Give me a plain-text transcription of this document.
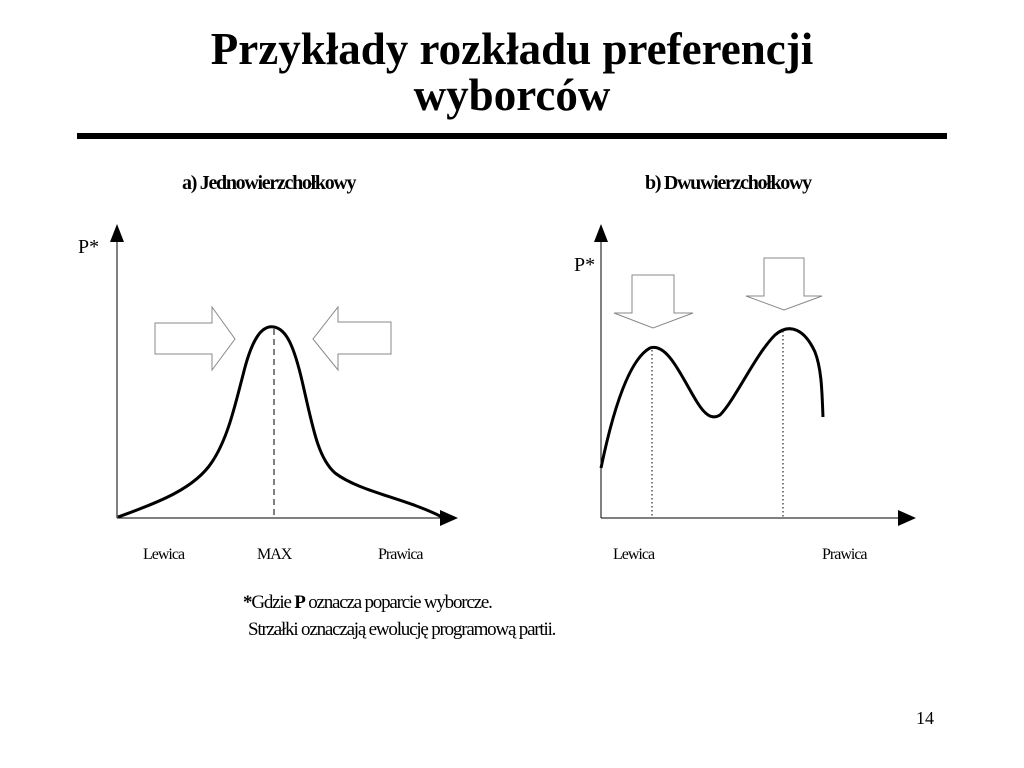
Przykłady rozkładu preferencji
wyborców
a) Jednowierzchołkowy	b) Dwuwierzchołkowy
P*
P*
Lewica	MAX	Prawica	Lewica	Prawica
*Gdzie P oznacza poparcie wyborcze.
Strzałki oznaczają ewolucję programową partii.
14
